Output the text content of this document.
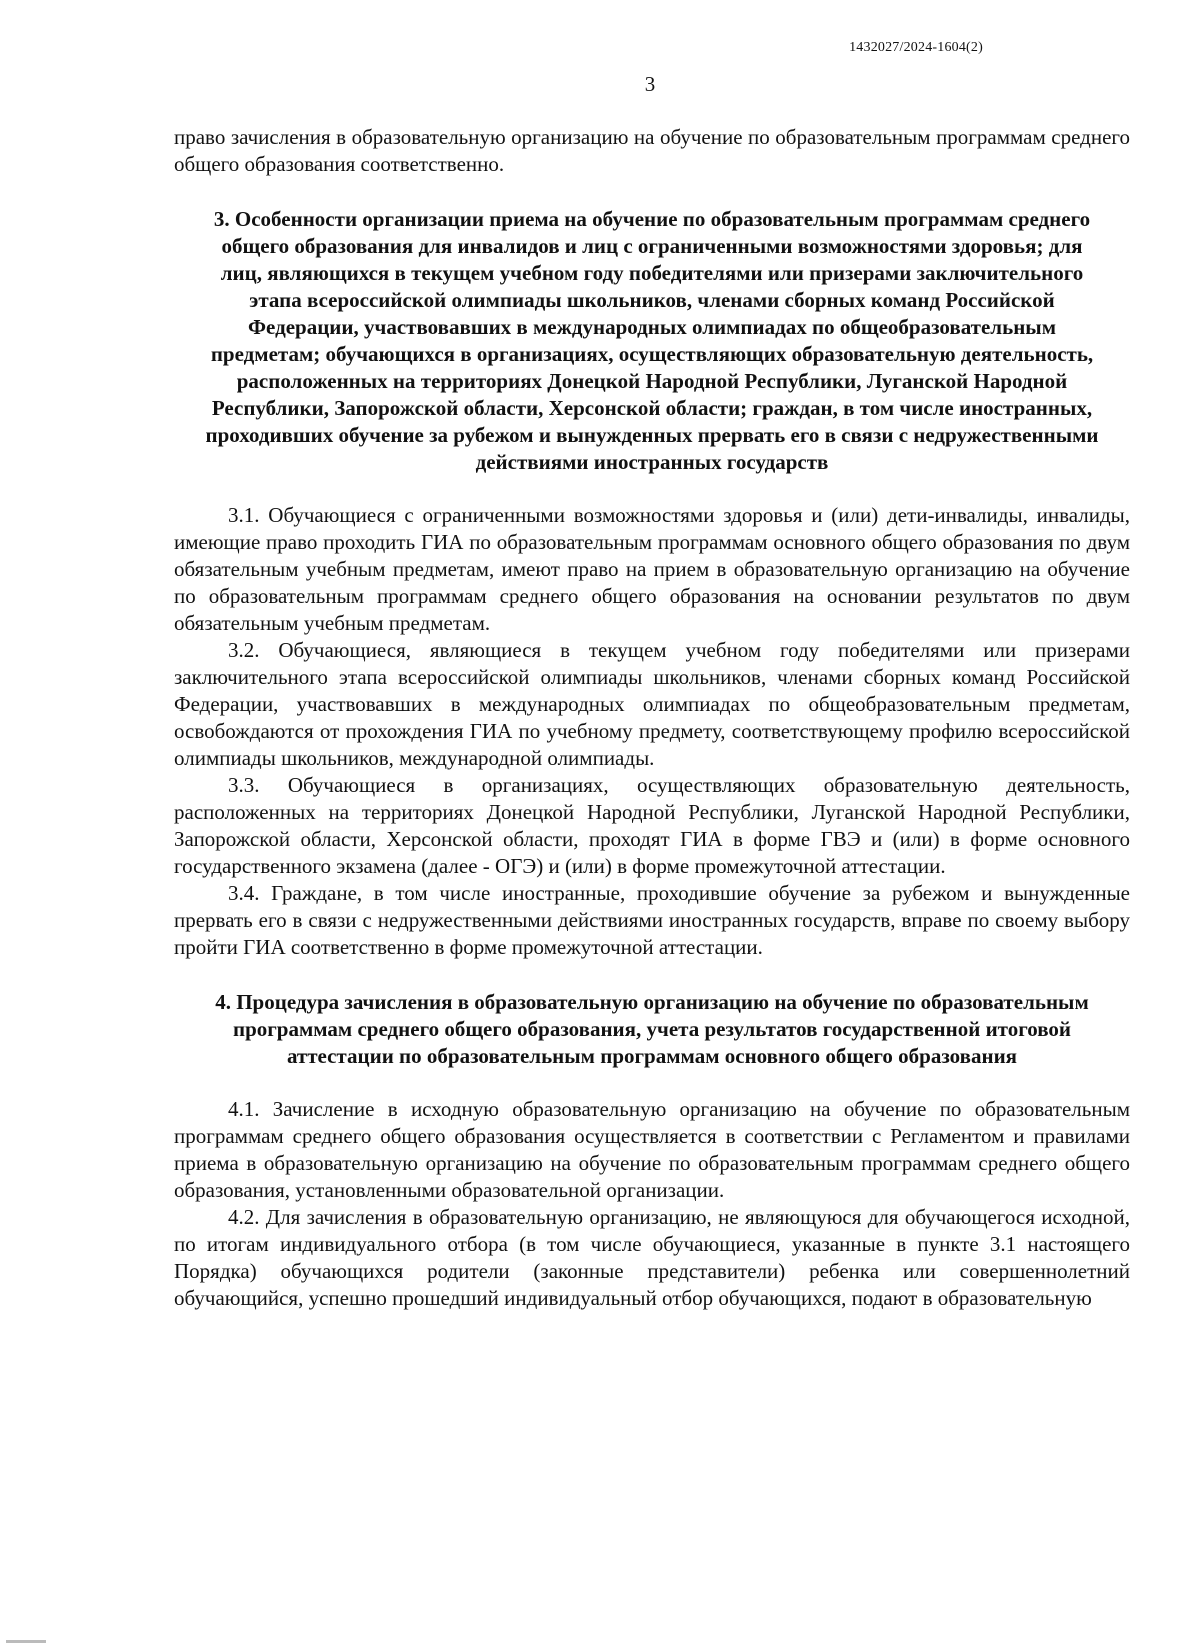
1432027/2024-1604(2)
3

право зачисления в образовательную организацию на обучение по образовательным программам среднего общего образования соответственно.

3. Особенности организации приема на обучение по образовательным программам среднего общего образования для инвалидов и лиц с ограниченными возможностями здоровья; для лиц, являющихся в текущем учебном году победителями или призерами заключительного этапа всероссийской олимпиады школьников, членами сборных команд Российской Федерации, участвовавших в международных олимпиадах по общеобразовательным предметам; обучающихся в организациях, осуществляющих образовательную деятельность, расположенных на территориях Донецкой Народной Республики, Луганской Народной Республики, Запорожской области, Херсонской области; граждан, в том числе иностранных, проходивших обучение за рубежом и вынужденных прервать его в связи с недружественными действиями иностранных государств

3.1. Обучающиеся с ограниченными возможностями здоровья и (или) дети-инвалиды, инвалиды, имеющие право проходить ГИА по образовательным программам основного общего образования по двум обязательным учебным предметам, имеют право на прием в образовательную организацию на обучение по образовательным программам среднего общего образования на основании результатов по двум обязательным учебным предметам.

3.2. Обучающиеся, являющиеся в текущем учебном году победителями или призерами заключительного этапа всероссийской олимпиады школьников, членами сборных команд Российской Федерации, участвовавших в международных олимпиадах по общеобразовательным предметам, освобождаются от прохождения ГИА по учебному предмету, соответствующему профилю всероссийской олимпиады школьников, международной олимпиады.

3.3. Обучающиеся в организациях, осуществляющих образовательную деятельность, расположенных на территориях Донецкой Народной Республики, Луганской Народной Республики, Запорожской области, Херсонской области, проходят ГИА в форме ГВЭ и (или) в форме основного государственного экзамена (далее - ОГЭ) и (или) в форме промежуточной аттестации.

3.4. Граждане, в том числе иностранные, проходившие обучение за рубежом и вынужденные прервать его в связи с недружественными действиями иностранных государств, вправе по своему выбору пройти ГИА соответственно в форме промежуточной аттестации.

4. Процедура зачисления в образовательную организацию на обучение по образовательным программам среднего общего образования, учета результатов государственной итоговой аттестации по образовательным программам основного общего образования

4.1. Зачисление в исходную образовательную организацию на обучение по образовательным программам среднего общего образования осуществляется в соответствии с Регламентом и правилами приема в образовательную организацию на обучение по образовательным программам среднего общего образования, установленными образовательной организации.

4.2. Для зачисления в образовательную организацию, не являющуюся для обучающегося исходной, по итогам индивидуального отбора (в том числе обучающиеся, указанные в пункте 3.1 настоящего Порядка) обучающихся родители (законные представители) ребенка или совершеннолетний обучающийся, успешно прошедший индивидуальный отбор обучающихся, подают в образовательную
